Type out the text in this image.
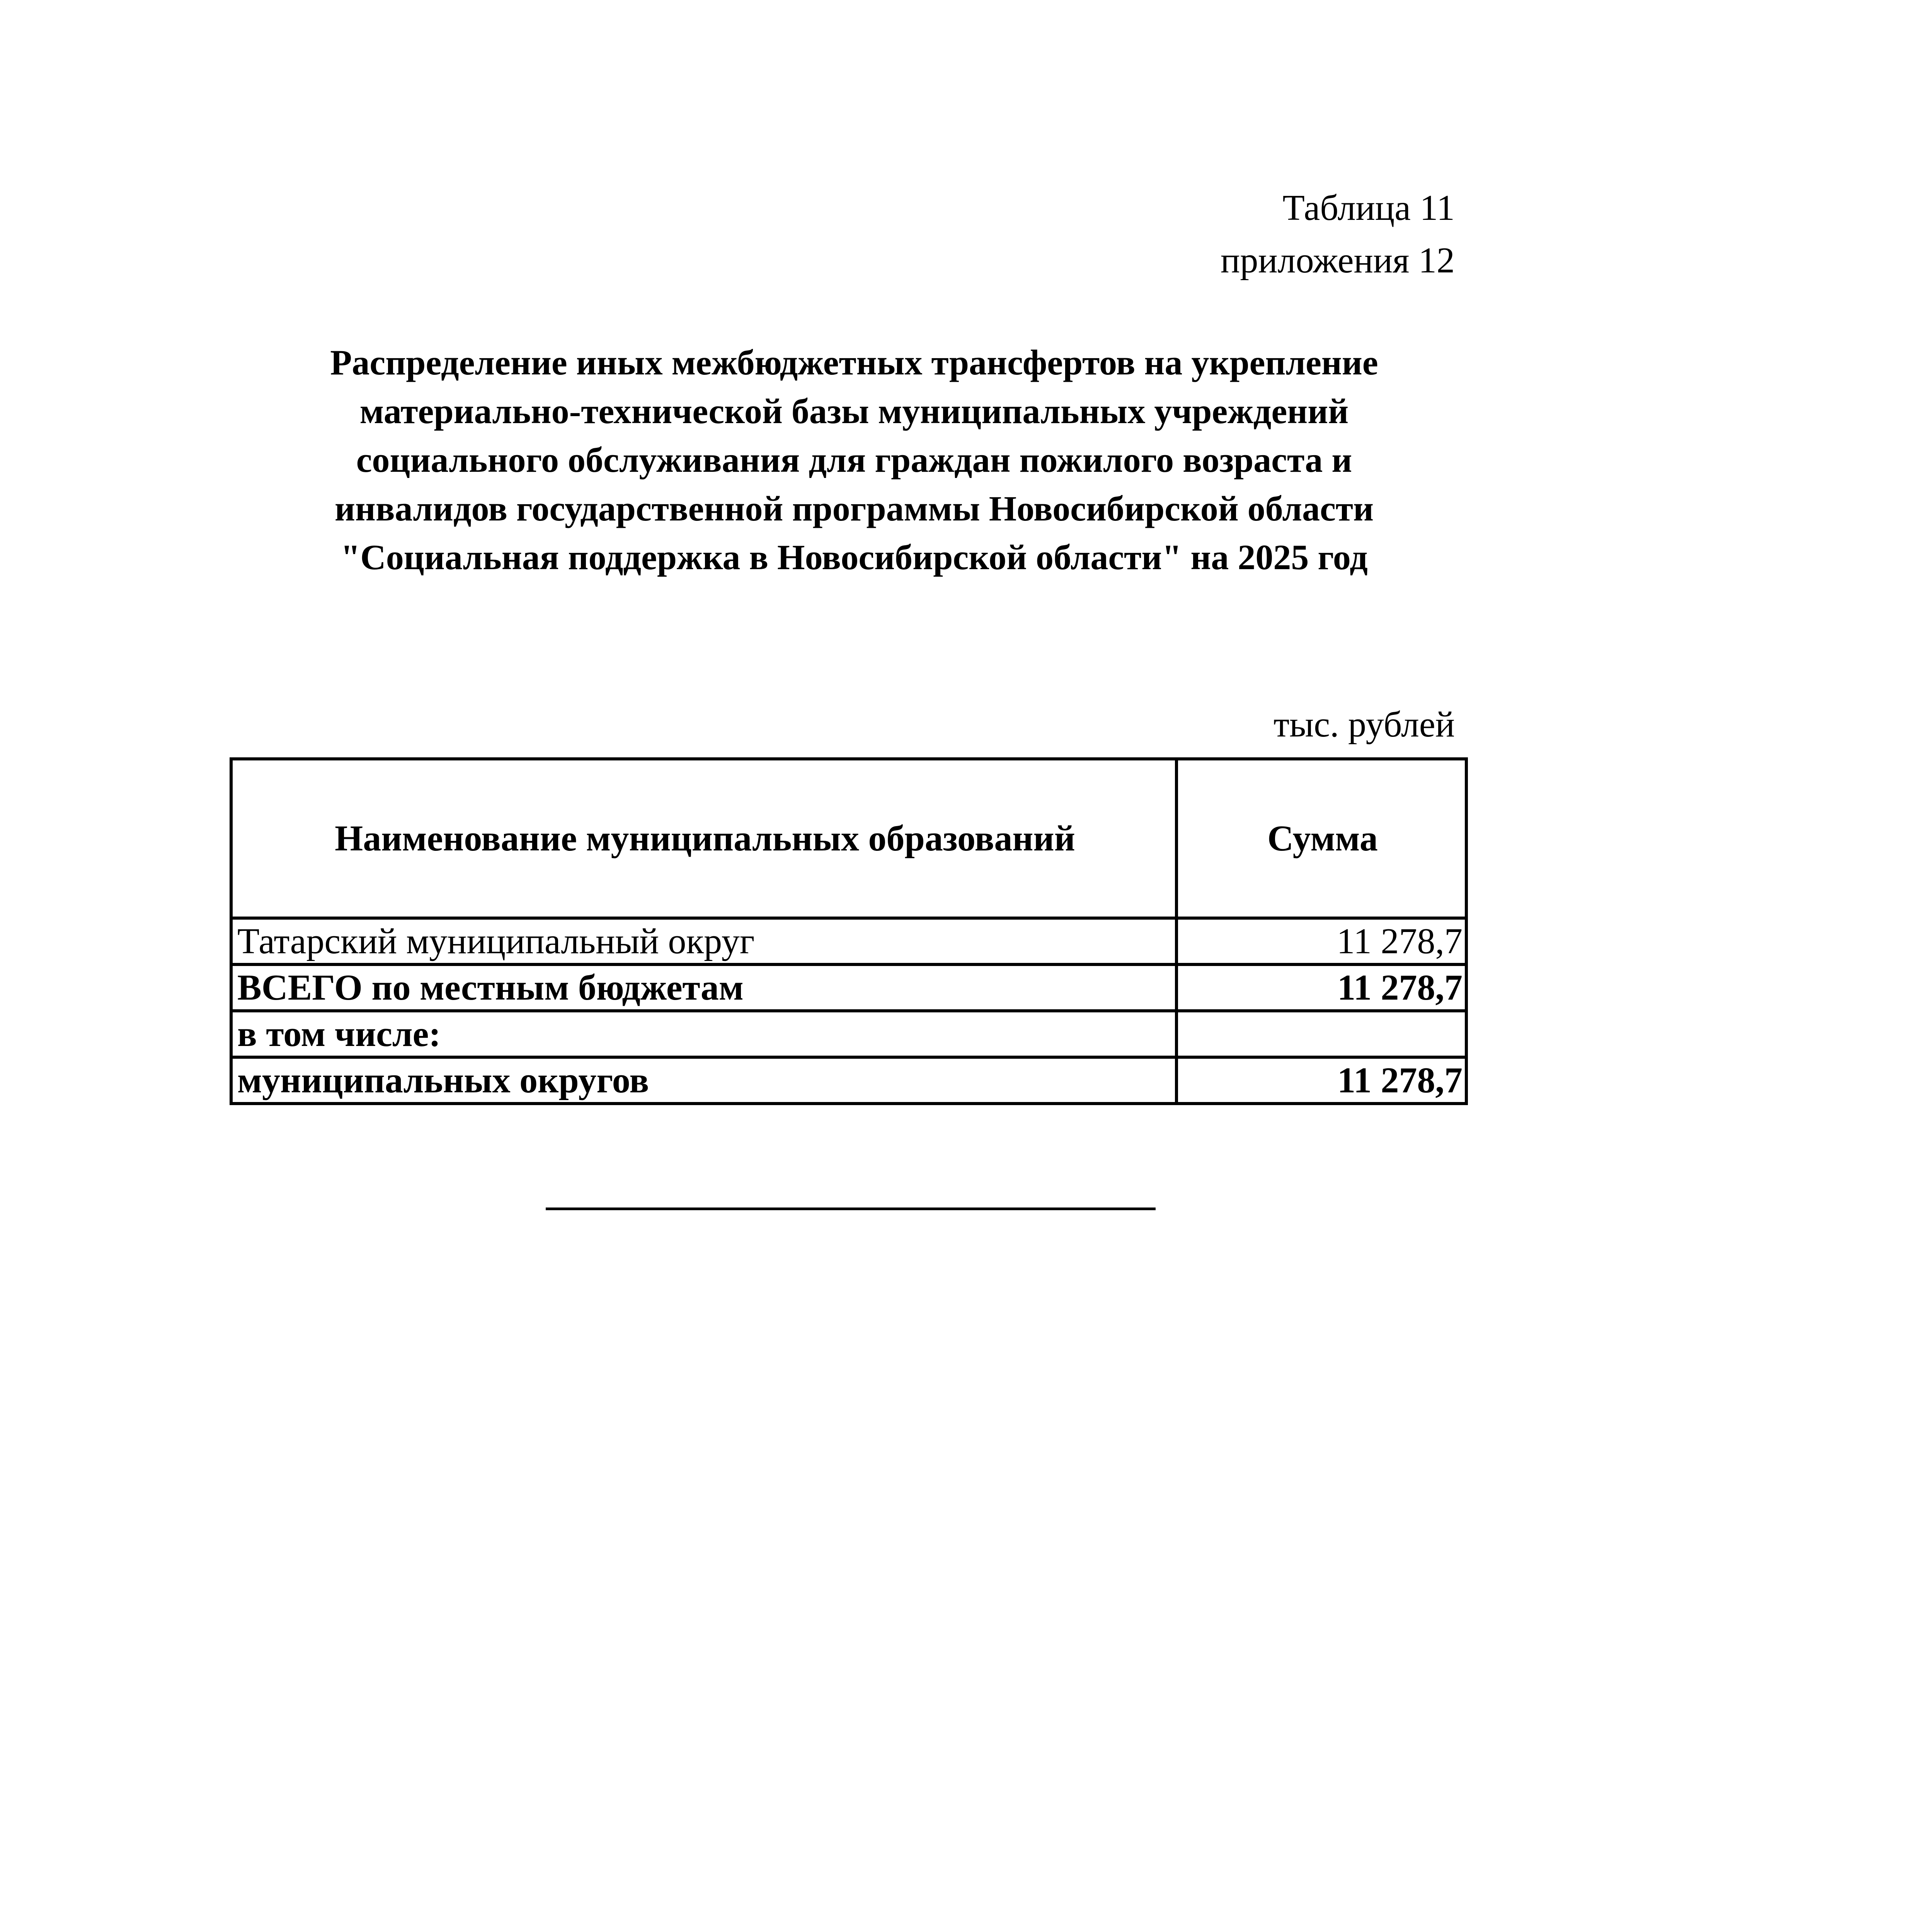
Таблица 11
приложения 12
Распределение иных межбюджетных трансфертов на укрепление
материально-технической базы муниципальных учреждений
социального обслуживания для граждан пожилого возраста и
инвалидов государственной программы Новосибирской области
"Социальная поддержка в Новосибирской области" на 2025 год
тыс. рублей
Наименование муниципальных образований	Сумма
Татарский муниципальный округ	11 278,7
ВСЕГО по местным бюджетам	11 278,7
в том числе:	
муниципальных округов	11 278,7
